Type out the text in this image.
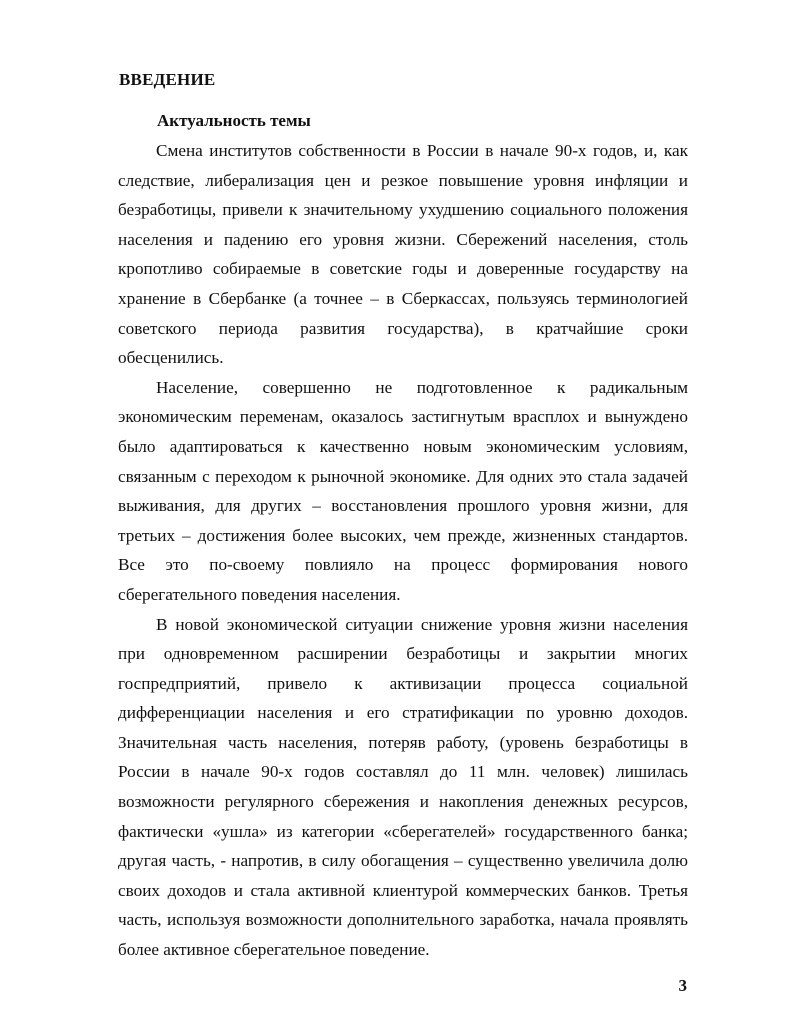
ВВЕДЕНИЕ
Актуальность темы

Смена институтов собственности в России в начале 90-х годов, и, как следствие, либерализация цен и резкое повышение уровня инфляции и безработицы, привели к значительному ухудшению социального положения населения и падению его уровня жизни. Сбережений населения, столь кропотливо собираемые в советские годы и доверенные государству на хранение в Сбербанке (а точнее – в Сберкассах, пользуясь терминологией советского периода развития государства), в кратчайшие сроки обесценились.

Население, совершенно не подготовленное к радикальным экономическим переменам, оказалось застигнутым врасплох и вынуждено было адаптироваться к качественно новым экономическим условиям, связанным с переходом к рыночной экономике. Для одних это стала задачей выживания, для других – восстановления прошлого уровня жизни, для третьих – достижения более высоких, чем прежде, жизненных стандартов. Все это по-своему повлияло на процесс формирования нового сберегательного поведения населения.

В новой экономической ситуации снижение уровня жизни населения при одновременном расширении безработицы и закрытии многих госпредприятий, привело к активизации процесса социальной дифференциации населения и его стратификации по уровню доходов. Значительная часть населения, потеряв работу, (уровень безработицы в России в начале 90-х годов составлял до 11 млн. человек) лишилась возможности регулярного сбережения и накопления денежных ресурсов, фактически «ушла» из категории «сберегателей» государственного банка; другая часть, - напротив, в силу обогащения – существенно увеличила долю своих доходов и стала активной клиентурой коммерческих банков. Третья часть, используя возможности дополнительного заработка, начала проявлять более активное сберегательное поведение.

3
